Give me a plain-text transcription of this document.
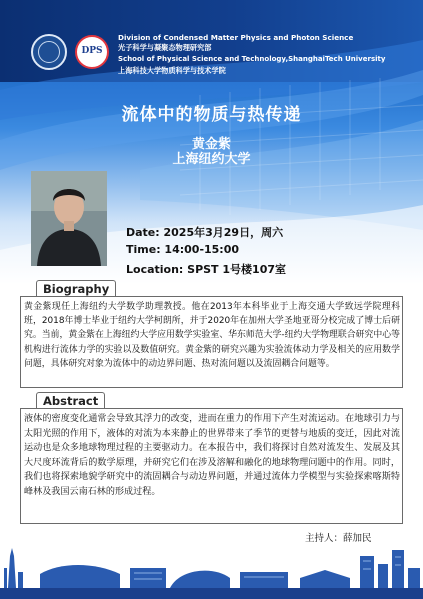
DPS
Division of Condensed Matter Physics and Photon Science
光子科学与凝聚态物理研究部
School of Physical Science and Technology,ShanghaiTech University
上海科技大学物质科学与技术学院
流体中的物质与热传递
黄金紫
上海纽约大学
Date: 2025年3月29日，周六
Time: 14:00-15:00
Location: SPST 1号楼107室
Biography
黄金紫现任上海纽约大学数学助理教授。他在2013年本科毕业于上海交通大学致远学院理科班，2018年博士毕业于纽约大学柯朗所，并于2020年在加州大学圣地亚哥分校完成了博士后研究。当前，黄金紫在上海纽约大学应用数学实验室、华东师范大学-纽约大学物理联合研究中心等机构进行流体力学的实验以及数值研究。黄金紫的研究兴趣为实验流体动力学及相关的应用数学问题，具体研究对象为流体中的动边界问题、热对流问题以及流固耦合问题等。
Abstract
液体的密度变化通常会导致其浮力的改变，进而在重力的作用下产生对流运动。在地球引力与太阳光照的作用下，液体的对流为本来静止的世界带来了季节的更替与地质的变迁，因此对流运动也是众多地球物理过程的主要驱动力。在本报告中，我们将探讨自然对流发生、发展及其大尺度环流背后的数学原理，并研究它们在涉及溶解和融化的地球物理问题中的作用。同时，我们也将探索地貌学研究中的流固耦合与动边界问题，并通过流体力学模型与实验探索喀斯特峰林及我国云南石林的形成过程。
主持人：薛加民
